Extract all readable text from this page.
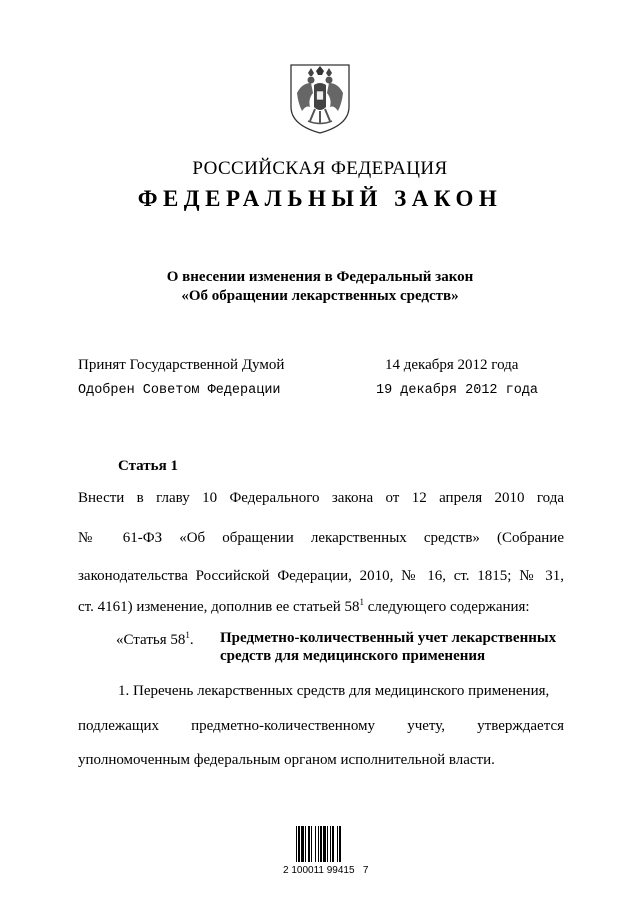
РОССИЙСКАЯ ФЕДЕРАЦИЯ
ФЕДЕРАЛЬНЫЙ ЗАКОН
О внесении изменения в Федеральный закон
«Об обращении лекарственных средств»
Принят Государственной Думой	14 декабря 2012 года
Одобрен Советом Федерации	19 декабря 2012 года
Статья 1
Внести в главу 10 Федерального закона от 12 апреля 2010 года
№ 61-ФЗ «Об обращении лекарственных средств» (Собрание
законодательства Российской Федерации, 2010, № 16, ст. 1815; № 31,
ст. 4161) изменение, дополнив ее статьей $58^1$ следующего содержания:
«Статья $58^1$. Предметно-количественный учет лекарственных
средств для медицинского применения
1. Перечень лекарственных средств для медицинского применения,
подлежащих предметно-количественному учету, утверждается
уполномоченным федеральным органом исполнительной власти.
2 100011 99415   7
